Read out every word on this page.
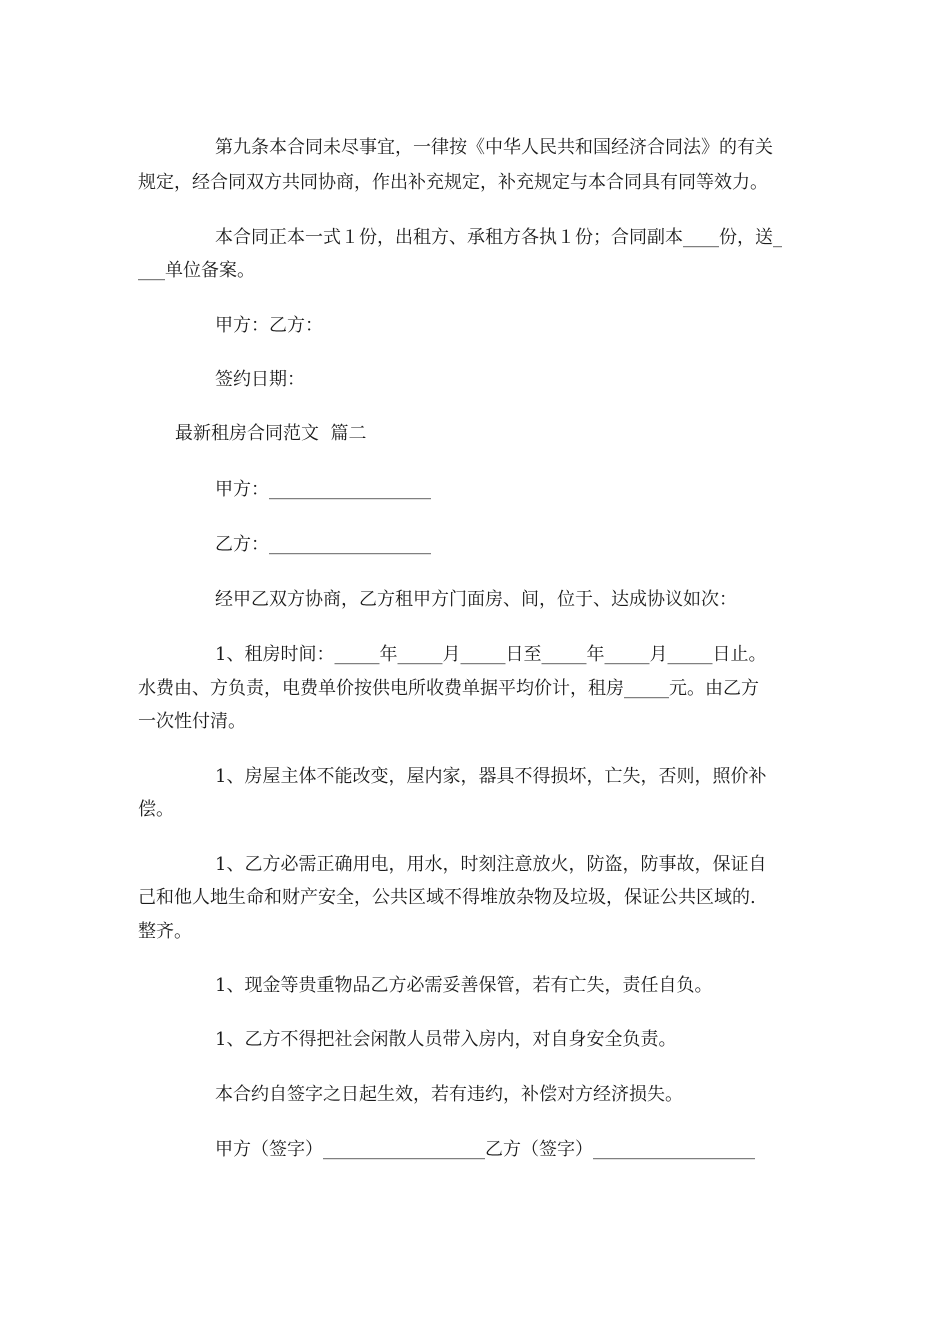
第九条本合同未尽事宜，一律按《中华人民共和国经济合同法》的有关
规定，经合同双方共同协商，作出补充规定，补充规定与本合同具有同等效力。
本合同正本一式１份，出租方、承租方各执１份；合同副本____份，送_
___单位备案。
甲方：乙方：
签约日期：
最新租房合同范文  篇二
甲方：__________________
乙方：__________________
经甲乙双方协商，乙方租甲方门面房、间，位于、达成协议如次：
1、租房时间：_____年_____月_____日至_____年_____月_____日止。
水费由、方负责，电费单价按供电所收费单据平均价计，租房_____元。由乙方
一次性付清。
1、房屋主体不能改变，屋内家，器具不得损坏，亡失，否则，照价补
偿。
1、乙方必需正确用电，用水，时刻注意放火，防盗，防事故，保证自
己和他人地生命和财产安全，公共区域不得堆放杂物及垃圾，保证公共区域的.
整齐。
1、现金等贵重物品乙方必需妥善保管，若有亡失，责任自负。
1、乙方不得把社会闲散人员带入房内，对自身安全负责。
本合约自签字之日起生效，若有违约，补偿对方经济损失。
甲方（签字）__________________乙方（签字）__________________
